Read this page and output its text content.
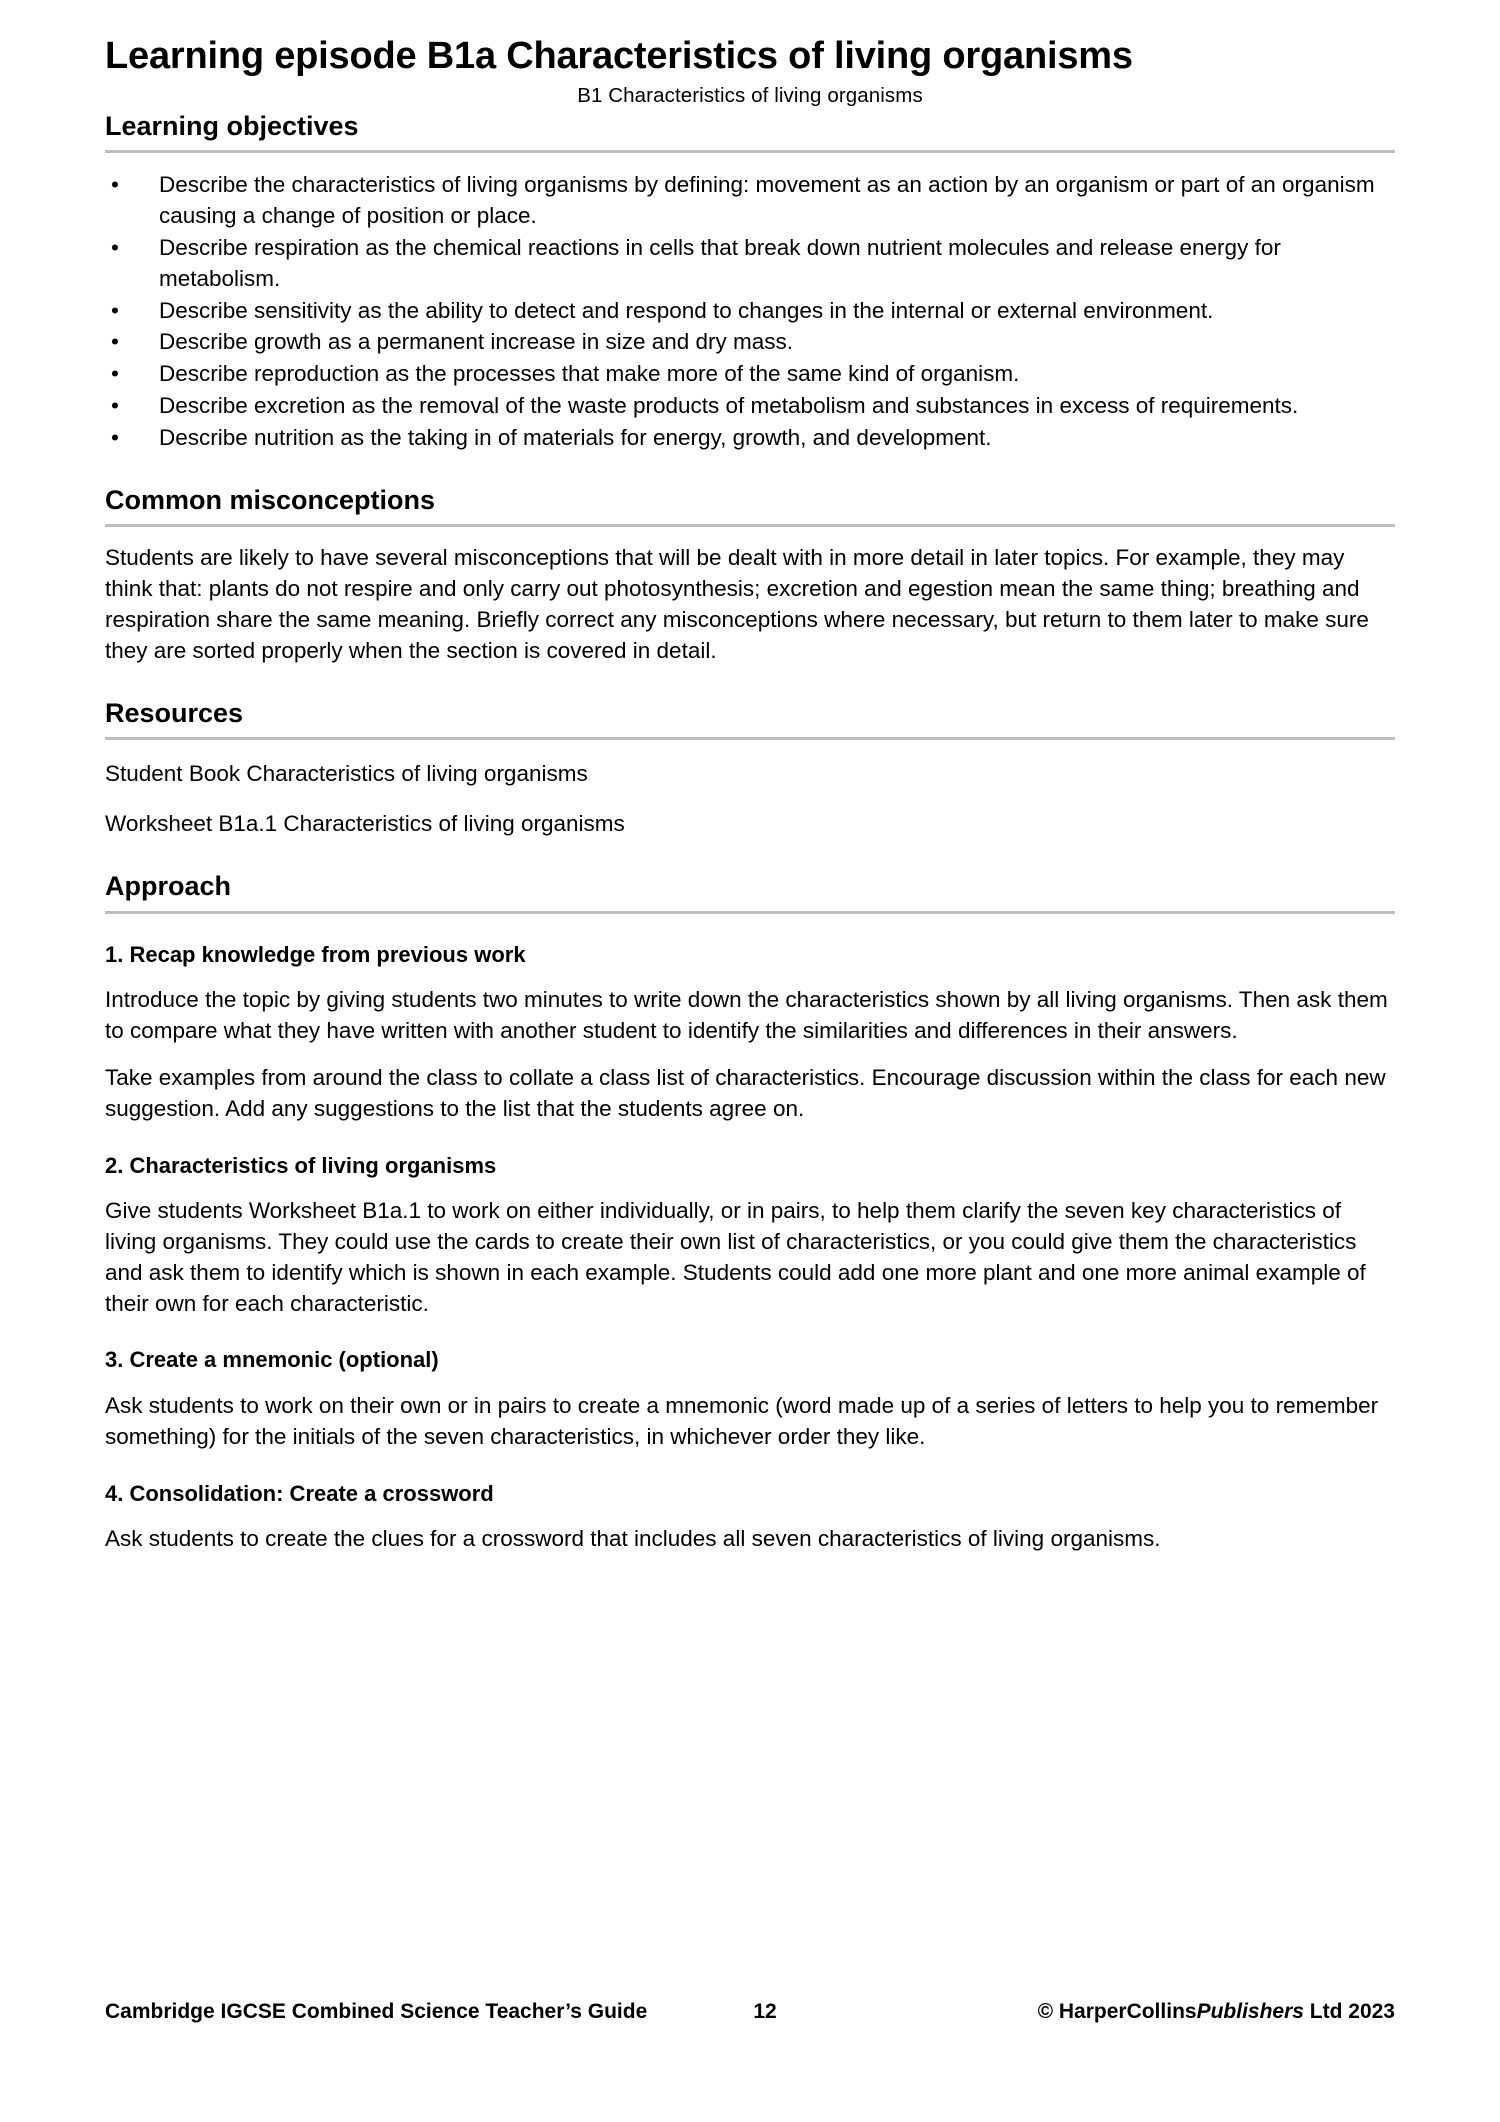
B1 Characteristics of living organisms
Learning episode B1a Characteristics of living organisms
Learning objectives
• Describe the characteristics of living organisms by defining: movement as an action by an organism or part of an organism causing a change of position or place.
• Describe respiration as the chemical reactions in cells that break down nutrient molecules and release energy for metabolism.
• Describe sensitivity as the ability to detect and respond to changes in the internal or external environment.
• Describe growth as a permanent increase in size and dry mass.
• Describe reproduction as the processes that make more of the same kind of organism.
• Describe excretion as the removal of the waste products of metabolism and substances in excess of requirements.
• Describe nutrition as the taking in of materials for energy, growth, and development.
Common misconceptions

Students are likely to have several misconceptions that will be dealt with in more detail in later topics. For example, they may think that: plants do not respire and only carry out photosynthesis; excretion and egestion mean the same thing; breathing and respiration share the same meaning. Briefly correct any misconceptions where necessary, but return to them later to make sure they are sorted properly when the section is covered in detail.

Resources
Student Book Characteristics of living organisms
Worksheet B1a.1 Characteristics of living organisms
Approach
1. Recap knowledge from previous work

Introduce the topic by giving students two minutes to write down the characteristics shown by all living organisms. Then ask them to compare what they have written with another student to identify the similarities and differences in their answers.

Take examples from around the class to collate a class list of characteristics. Encourage discussion within the class for each new suggestion. Add any suggestions to the list that the students agree on.

2. Characteristics of living organisms

Give students Worksheet B1a.1 to work on either individually, or in pairs, to help them clarify the seven key characteristics of living organisms. They could use the cards to create their own list of characteristics, or you could give them the characteristics and ask them to identify which is shown in each example. Students could add one more plant and one more animal example of their own for each characteristic.

3. Create a mnemonic (optional)

Ask students to work on their own or in pairs to create a mnemonic (word made up of a series of letters to help you to remember something) for the initials of the seven characteristics, in whichever order they like.

4. Consolidation: Create a crossword

Ask students to create the clues for a crossword that includes all seven characteristics of living organisms.

Cambridge IGCSE Combined Science Teacher’s Guide	12	© HarperCollinsPublishers Ltd 2023
